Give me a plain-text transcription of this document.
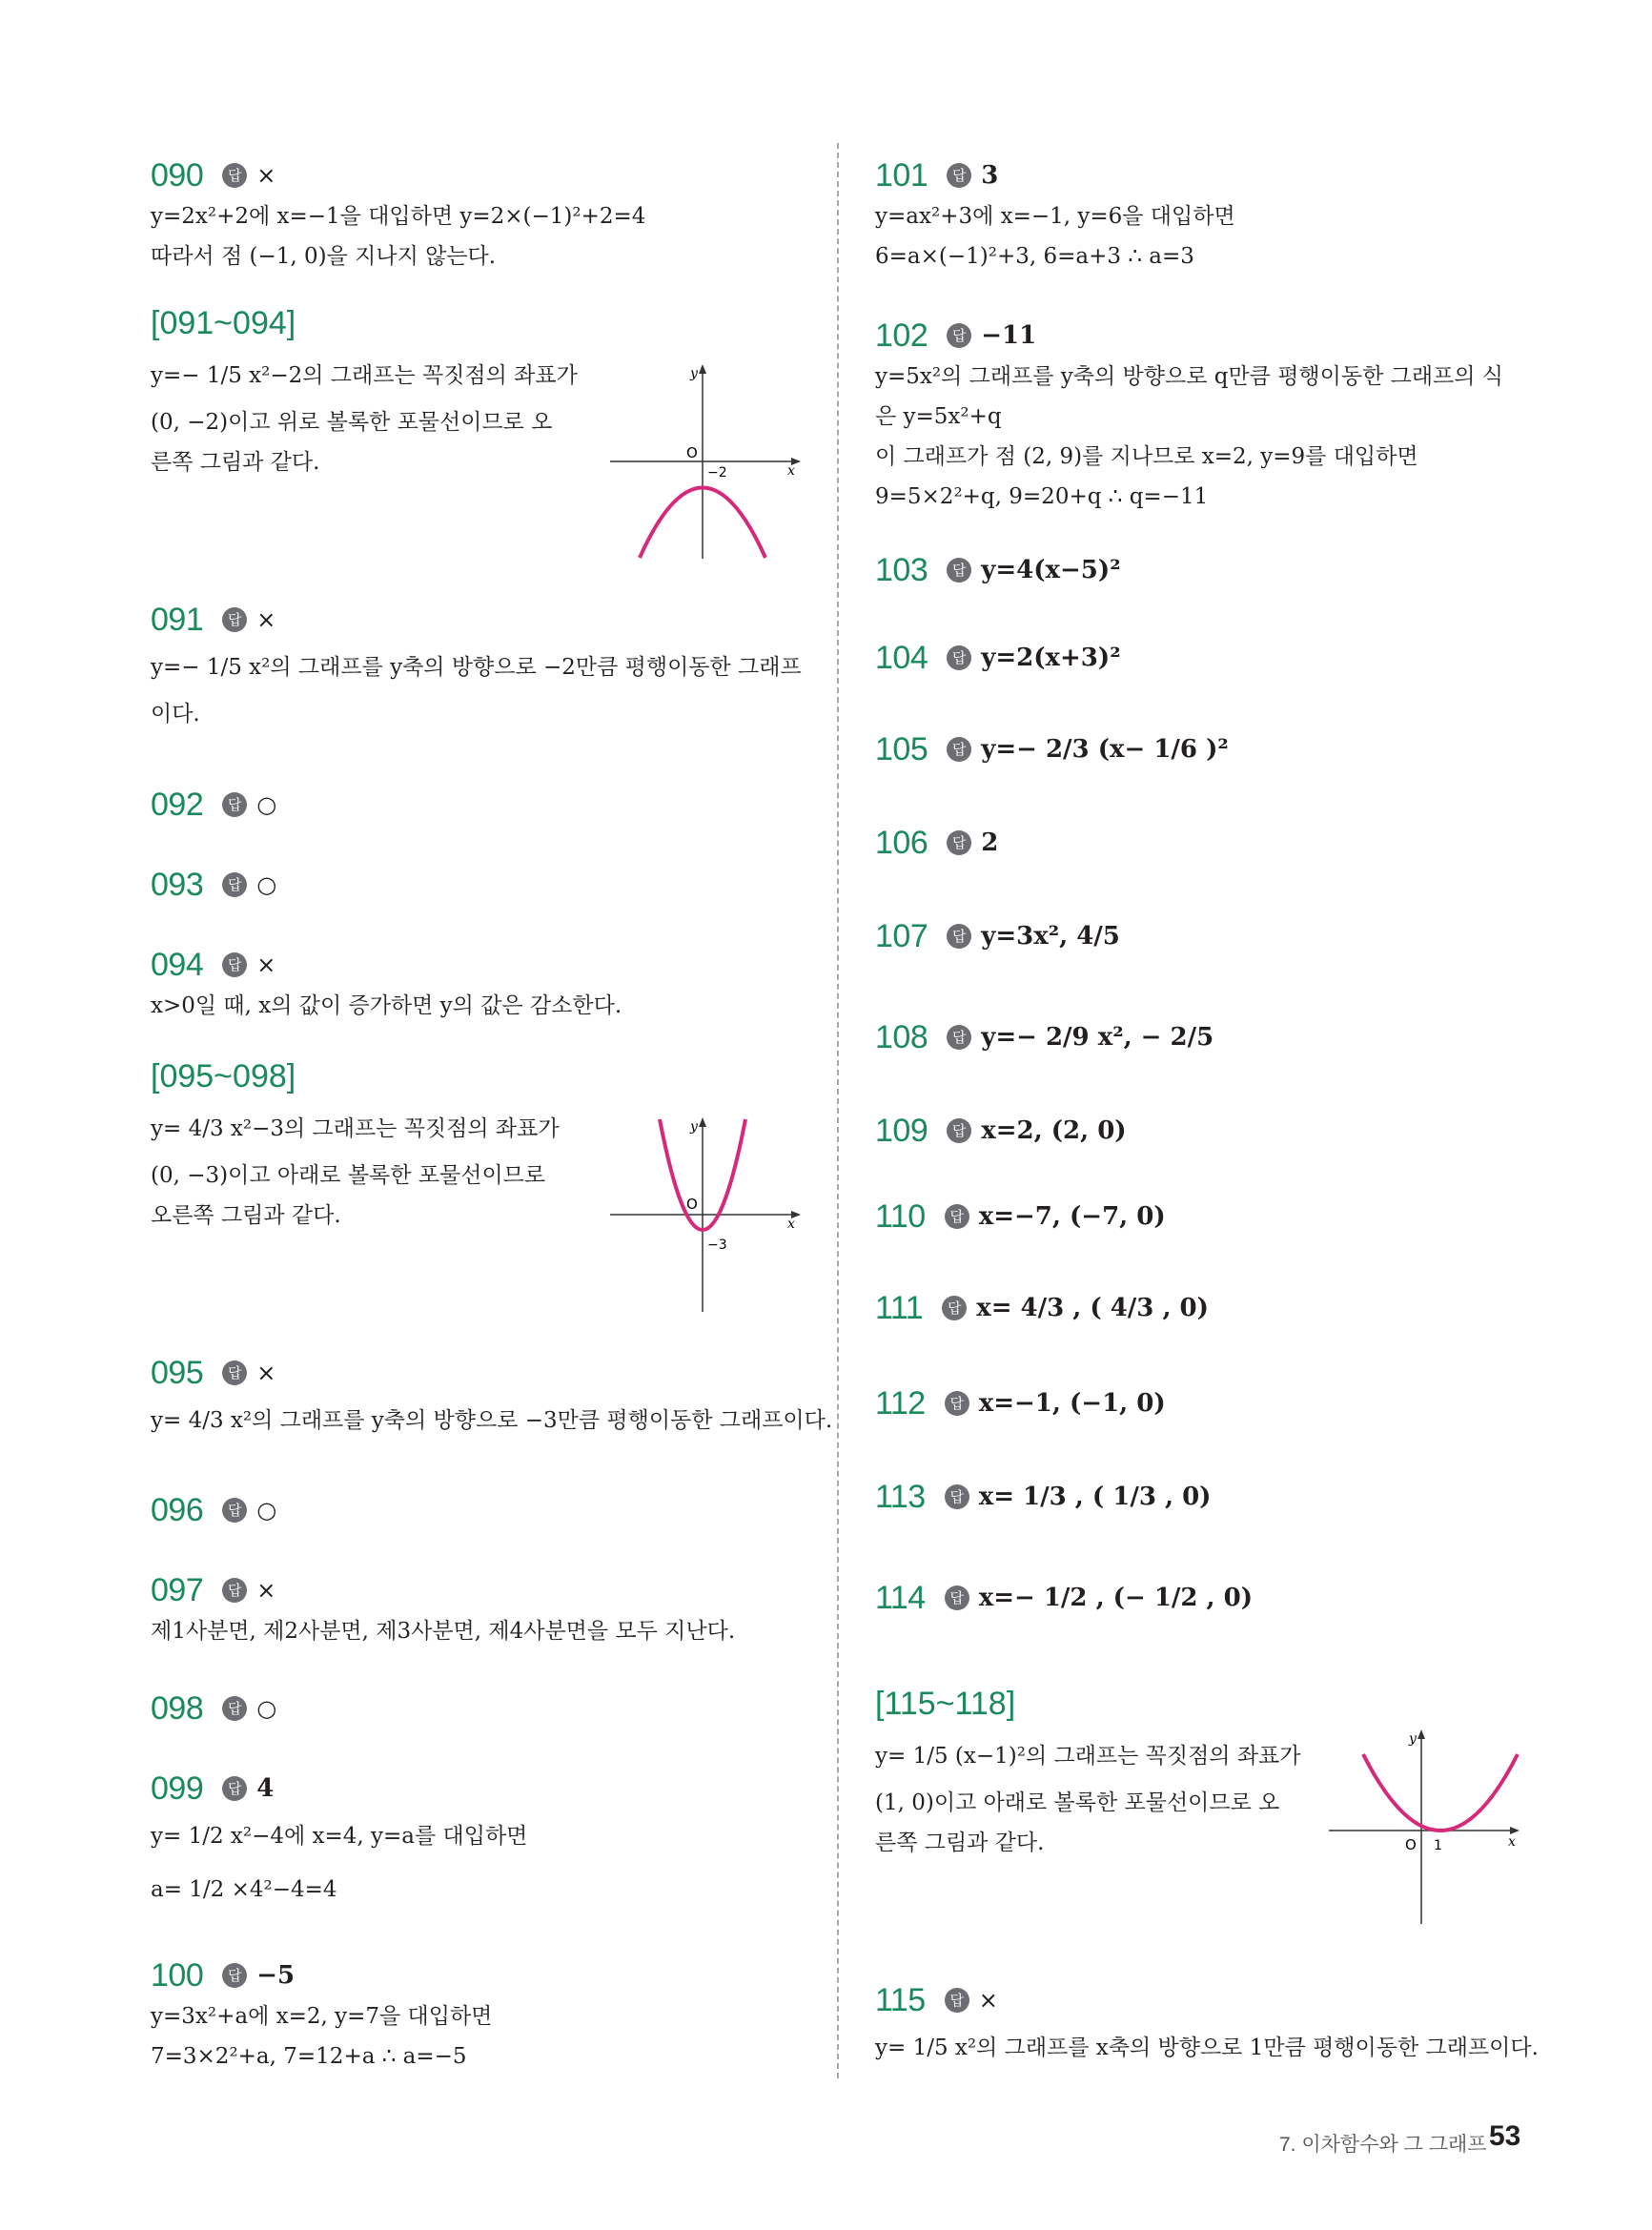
090	답 ×
y=2x²+2에 x=−1을 대입하면 y=2×(−1)²+2=4
따라서 점 (−1, 0)을 지나지 않는다.
[091~094]
y=− 1/5 x²−2의 그래프는 꼭짓점의 좌표가
(0, −2)이고 위로 볼록한 포물선이므로 오
른쪽 그림과 같다.
091	답 ×
y=− 1/5 x²의 그래프를 y축의 방향으로 −2만큼 평행이동한 그래프
이다.
092	답 ○
093	답 ○
094	답 ×
x>0일 때, x의 값이 증가하면 y의 값은 감소한다.
[095~098]
y= 4/3 x²−3의 그래프는 꼭짓점의 좌표가
(0, −3)이고 아래로 볼록한 포물선이므로
오른쪽 그림과 같다.
095	답 ×
y= 4/3 x²의 그래프를 y축의 방향으로 −3만큼 평행이동한 그래프이다.
096	답 ○
097	답 ×
제1사분면, 제2사분면, 제3사분면, 제4사분면을 모두 지난다.
098	답 ○
099	답 4
y= 1/2 x²−4에 x=4, y=a를 대입하면
a= 1/2 ×4²−4=4
100	답 −5
y=3x²+a에 x=2, y=7을 대입하면
7=3×2²+a, 7=12+a ∴ a=−5
101	답 3
y=ax²+3에 x=−1, y=6을 대입하면
6=a×(−1)²+3, 6=a+3 ∴ a=3
102	답 −11
y=5x²의 그래프를 y축의 방향으로 q만큼 평행이동한 그래프의 식
은 y=5x²+q
이 그래프가 점 (2, 9)를 지나므로 x=2, y=9를 대입하면
9=5×2²+q, 9=20+q ∴ q=−11
103	답 y=4(x−5)²
104	답 y=2(x+3)²
105	답 y=− 2/3 (x− 1/6 )²
106	답 2
107	답 y=3x², 4/5
108	답 y=− 2/9 x², − 2/5
109	답 x=2, (2, 0)
110	답 x=−7, (−7, 0)
111	답 x= 4/3 , ( 4/3 , 0)
112	답 x=−1, (−1, 0)
113	답 x= 1/3 , ( 1/3 , 0)
114	답 x=− 1/2 , (− 1/2 , 0)
[115~118]
y= 1/5 (x−1)²의 그래프는 꼭짓점의 좌표가
(1, 0)이고 아래로 볼록한 포물선이므로 오
른쪽 그림과 같다.
115	답 ×
y= 1/5 x²의 그래프를 x축의 방향으로 1만큼 평행이동한 그래프이다.
y
x
O
−2
y
x
O
−3
y
x
O 1
7. 이차함수와 그 그래프 53
